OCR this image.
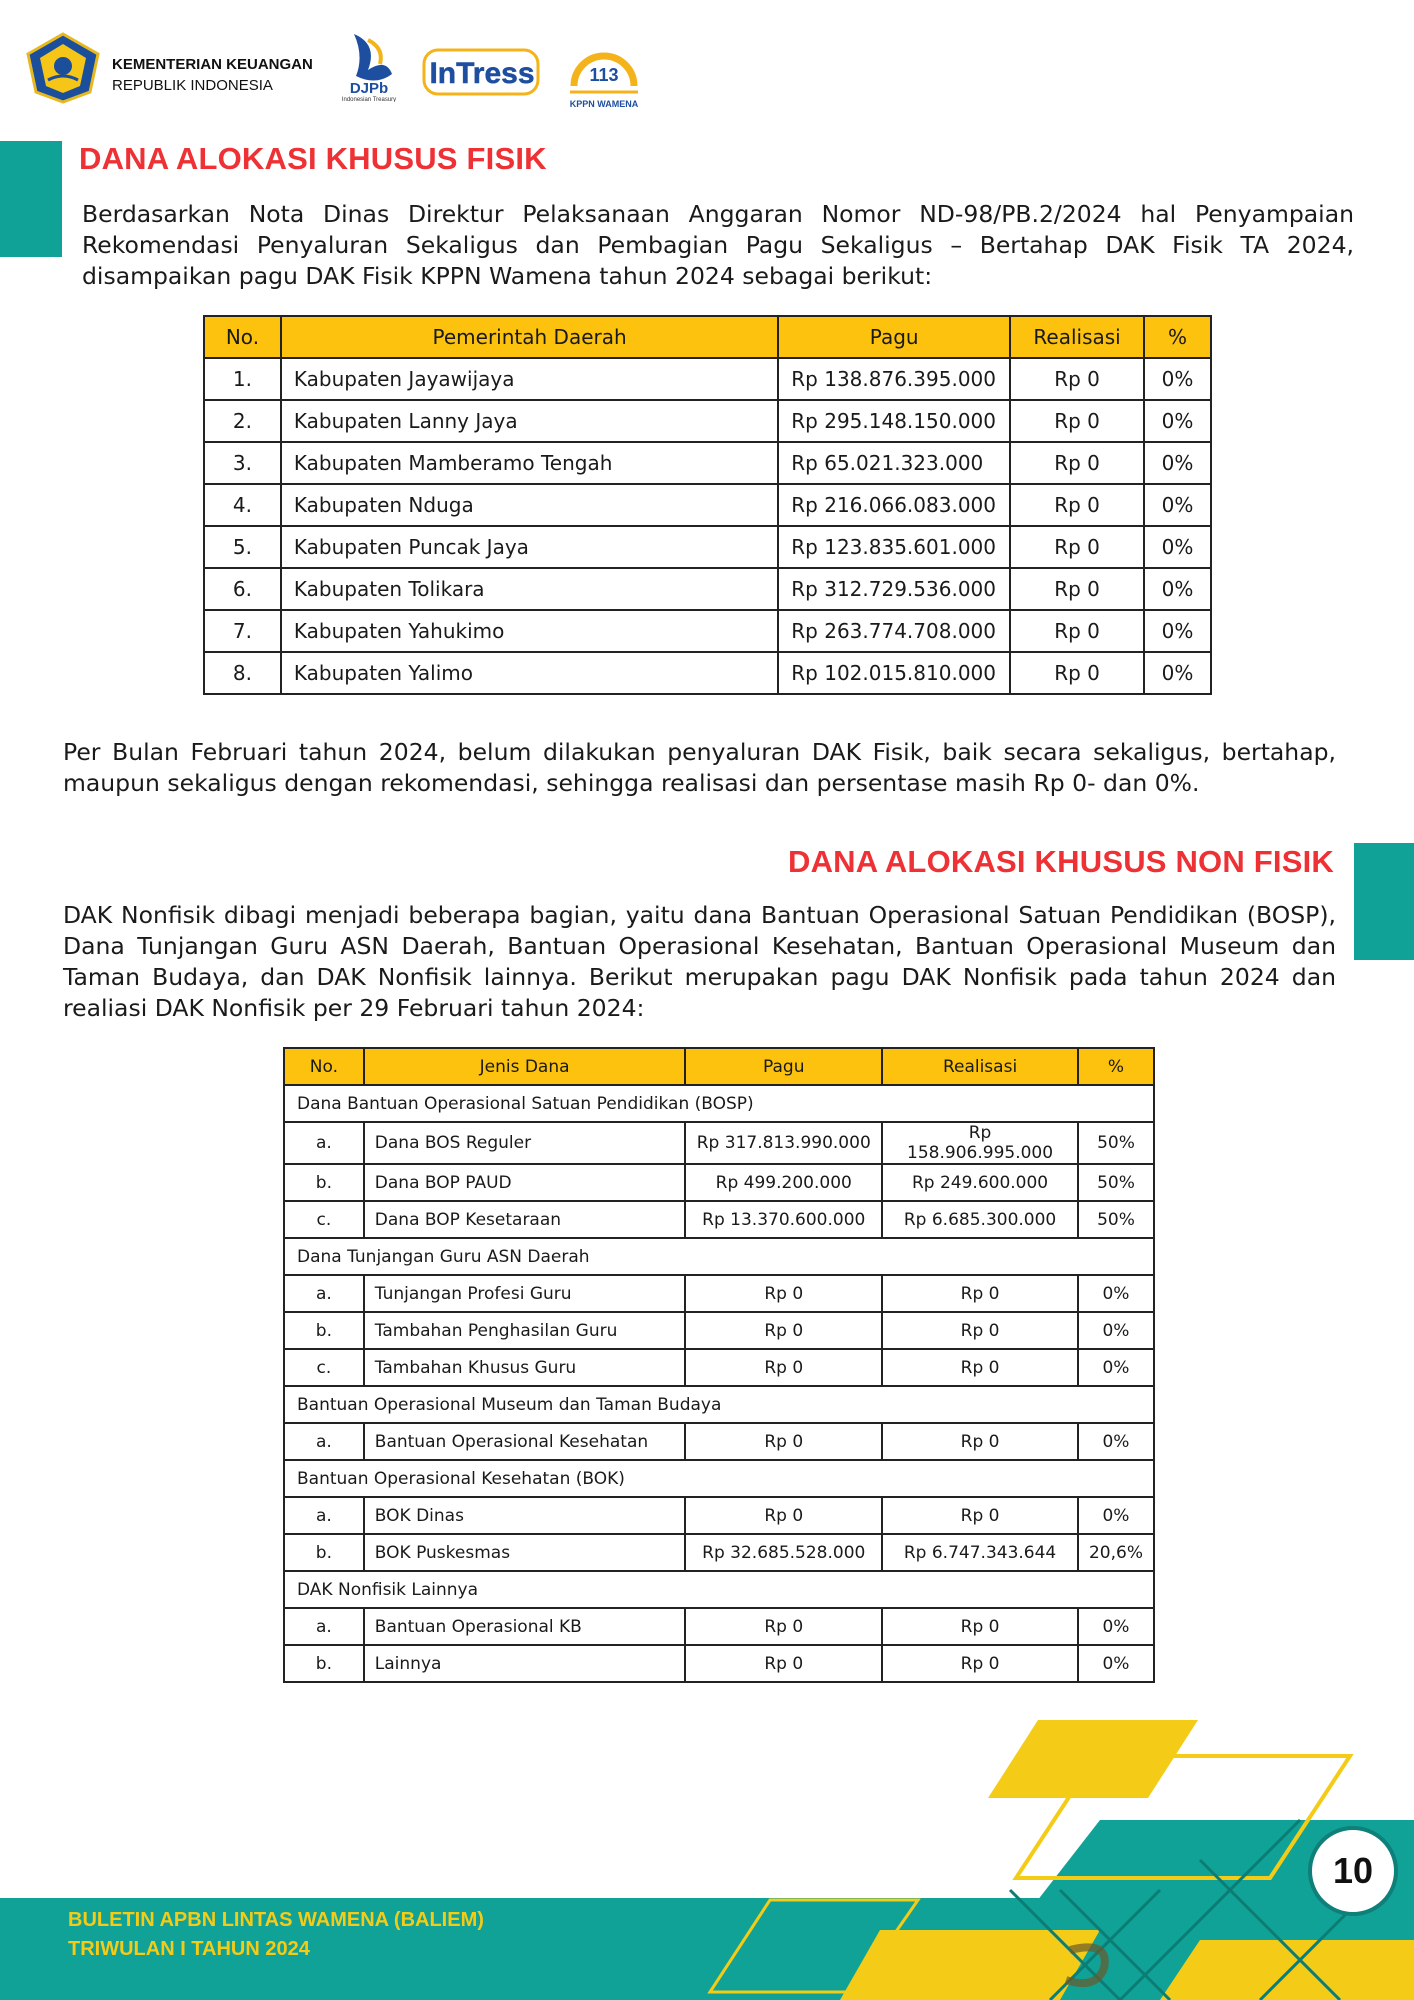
KEMENTERIAN KEUANGAN
REPUBLIK INDONESIA	DJPb
Indonesian Treasury
InTress	113
KPPN WAMENA
DANA ALOKASI KHUSUS FISIK
Berdasarkan Nota Dinas Direktur Pelaksanaan Anggaran Nomor ND-98/PB.2/2024 hal Penyampaian Rekomendasi Penyaluran Sekaligus dan Pembagian Pagu Sekaligus – Bertahap DAK Fisik TA 2024, disampaikan pagu DAK Fisik KPPN Wamena tahun 2024 sebagai berikut:
No.	Pemerintah Daerah	Pagu	Realisasi	%
1.	Kabupaten Jayawijaya	Rp 138.876.395.000	Rp 0	0%
2.	Kabupaten Lanny Jaya	Rp 295.148.150.000	Rp 0	0%
3.	Kabupaten Mamberamo Tengah	Rp 65.021.323.000	Rp 0	0%
4.	Kabupaten Nduga	Rp 216.066.083.000	Rp 0	0%
5.	Kabupaten Puncak Jaya	Rp 123.835.601.000	Rp 0	0%
6.	Kabupaten Tolikara	Rp 312.729.536.000	Rp 0	0%
7.	Kabupaten Yahukimo	Rp 263.774.708.000	Rp 0	0%
8.	Kabupaten Yalimo	Rp 102.015.810.000	Rp 0	0%
Per Bulan Februari tahun 2024, belum dilakukan penyaluran DAK Fisik, baik secara sekaligus, bertahap, maupun sekaligus dengan rekomendasi, sehingga realisasi dan persentase masih Rp 0- dan 0%.
DANA ALOKASI KHUSUS NON FISIK
DAK Nonfisik dibagi menjadi beberapa bagian, yaitu dana Bantuan Operasional Satuan Pendidikan (BOSP), Dana Tunjangan Guru ASN Daerah, Bantuan Operasional Kesehatan, Bantuan Operasional Museum dan Taman Budaya, dan DAK Nonfisik lainnya. Berikut merupakan pagu DAK Nonfisik pada tahun 2024 dan realiasi DAK Nonfisik per 29 Februari tahun 2024:
No.	Jenis Dana	Pagu	Realisasi	%
Dana Bantuan Operasional Satuan Pendidikan (BOSP)				
a.	Dana BOS Reguler	Rp 317.813.990.000	Rp 158.906.995.000	50%
b.	Dana BOP PAUD	Rp 499.200.000	Rp 249.600.000	50%
c.	Dana BOP Kesetaraan	Rp 13.370.600.000	Rp 6.685.300.000	50%
Dana Tunjangan Guru ASN Daerah				
a.	Tunjangan Profesi Guru	Rp 0	Rp 0	0%
b.	Tambahan Penghasilan Guru	Rp 0	Rp 0	0%
c.	Tambahan Khusus Guru	Rp 0	Rp 0	0%
Bantuan Operasional Museum dan Taman Budaya				
a.	Bantuan Operasional Kesehatan	Rp 0	Rp 0	0%
Bantuan Operasional Kesehatan (BOK)				
a.	BOK Dinas	Rp 0	Rp 0	0%
b.	BOK Puskesmas	Rp 32.685.528.000	Rp 6.747.343.644	20,6%
DAK Nonfisik Lainnya				
a.	Bantuan Operasional KB	Rp 0	Rp 0	0%
b.	Lainnya	Rp 0	Rp 0	0%
BULETIN APBN LINTAS WAMENA (BALIEM)
TRIWULAN I TAHUN 2024
10
